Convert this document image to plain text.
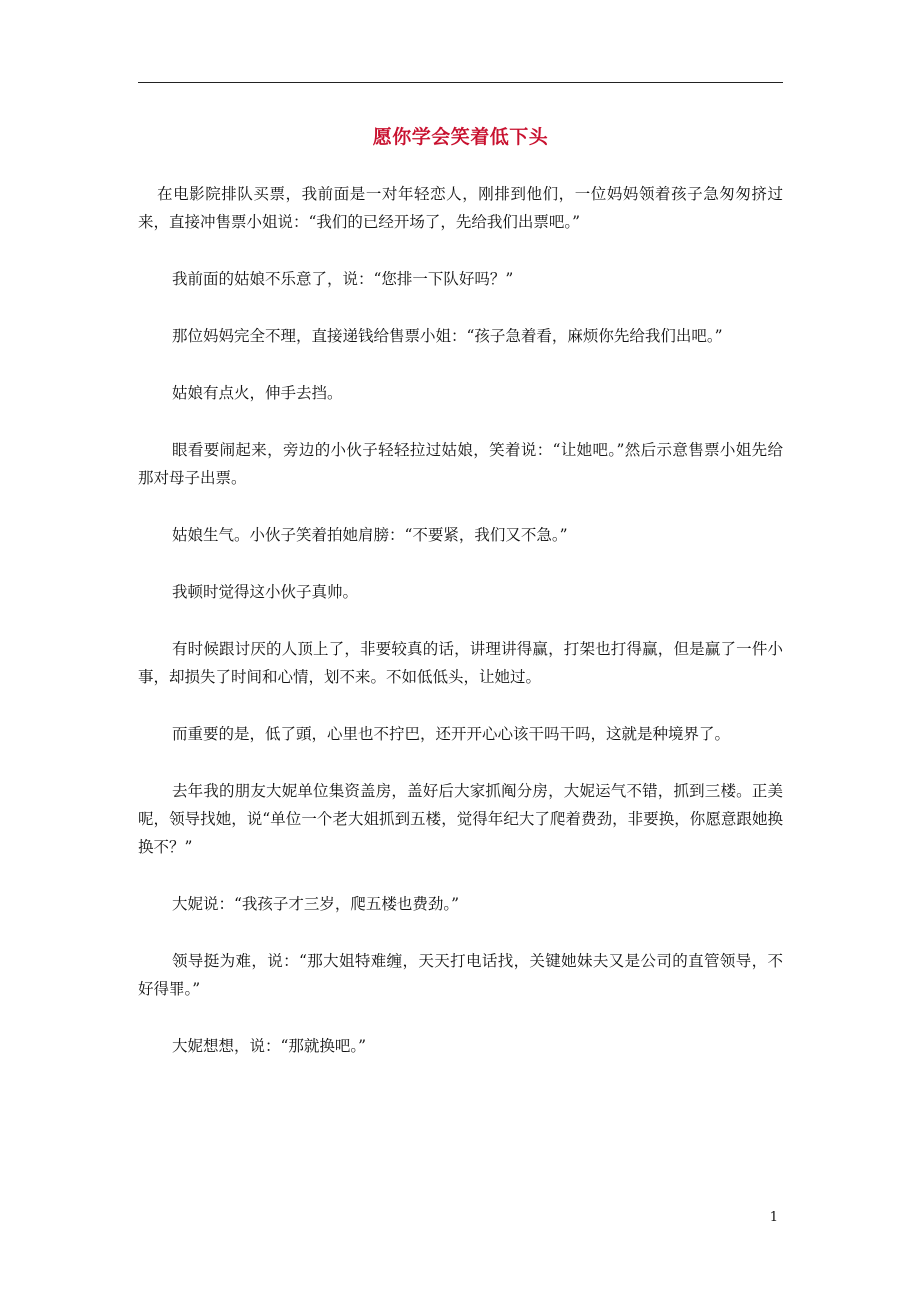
愿你学会笑着低下头

在电影院排队买票，我前面是一对年轻恋人，刚排到他们，一位妈妈领着孩子急匆匆挤过来，直接冲售票小姐说：“我们的已经开场了，先给我们出票吧。”

我前面的姑娘不乐意了，说：“您排一下队好吗？”

那位妈妈完全不理，直接递钱给售票小姐：“孩子急着看，麻烦你先给我们出吧。”

姑娘有点火，伸手去挡。

眼看要闹起来，旁边的小伙子轻轻拉过姑娘，笑着说：“让她吧。”然后示意售票小姐先给那对母子出票。

姑娘生气。小伙子笑着拍她肩膀：“不要紧，我们又不急。”

我顿时觉得这小伙子真帅。

有时候跟讨厌的人顶上了，非要较真的话，讲理讲得赢，打架也打得赢，但是赢了一件小事，却损失了时间和心情，划不来。不如低低头，让她过。

而重要的是，低了頭，心里也不拧巴，还开开心心该干吗干吗，这就是种境界了。

去年我的朋友大妮单位集资盖房，盖好后大家抓阄分房，大妮运气不错，抓到三楼。正美呢，领导找她，说“单位一个老大姐抓到五楼，觉得年纪大了爬着费劲，非要换，你愿意跟她换换不？”

大妮说：“我孩子才三岁，爬五楼也费劲。”

领导挺为难，说：“那大姐特难缠，天天打电话找，关键她妹夫又是公司的直管领导，不好得罪。”

大妮想想，说：“那就换吧。”

1
